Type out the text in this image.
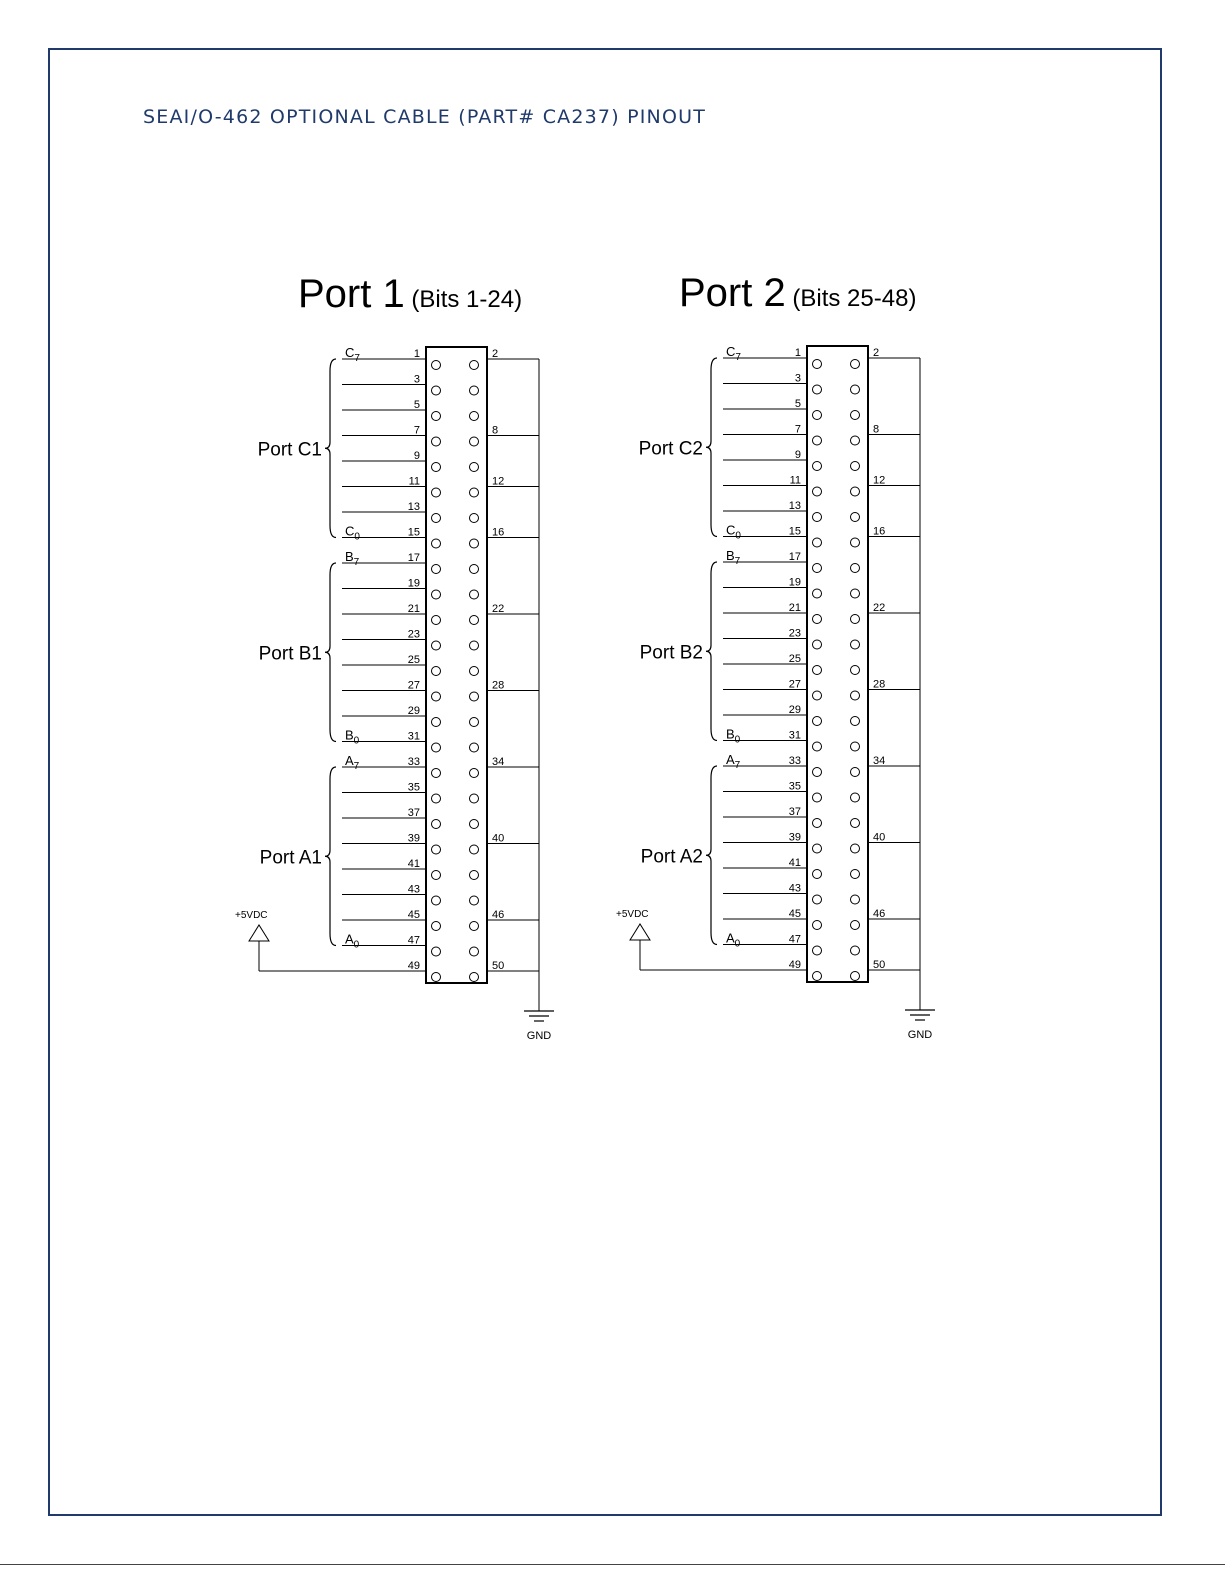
SEAI/O-462 OPTIONAL CABLE (PART# CA237) PINOUT
Port 1 (Bits 1-24)
1
3
5
7
9
11
13
15
17
19
21
23
25
27
29
31
33
35
37
39
41
43
45
47
49
2
8
12
16
22
28
34
40
46
50
Port C1
$C_7$
$C_0$
Port B1
$B_7$
$B_0$
Port A1
$A_7$
$A_0$
+5VDC
GND
Port 2 (Bits 25-48)
1
3
5
7
9
11
13
15
17
19
21
23
25
27
29
31
33
35
37
39
41
43
45
47
49
2
8
12
16
22
28
34
40
46
50
Port C2
$C_7$
$C_0$
Port B2
$B_7$
$B_0$
Port A2
$A_7$
$A_0$
+5VDC
GND
